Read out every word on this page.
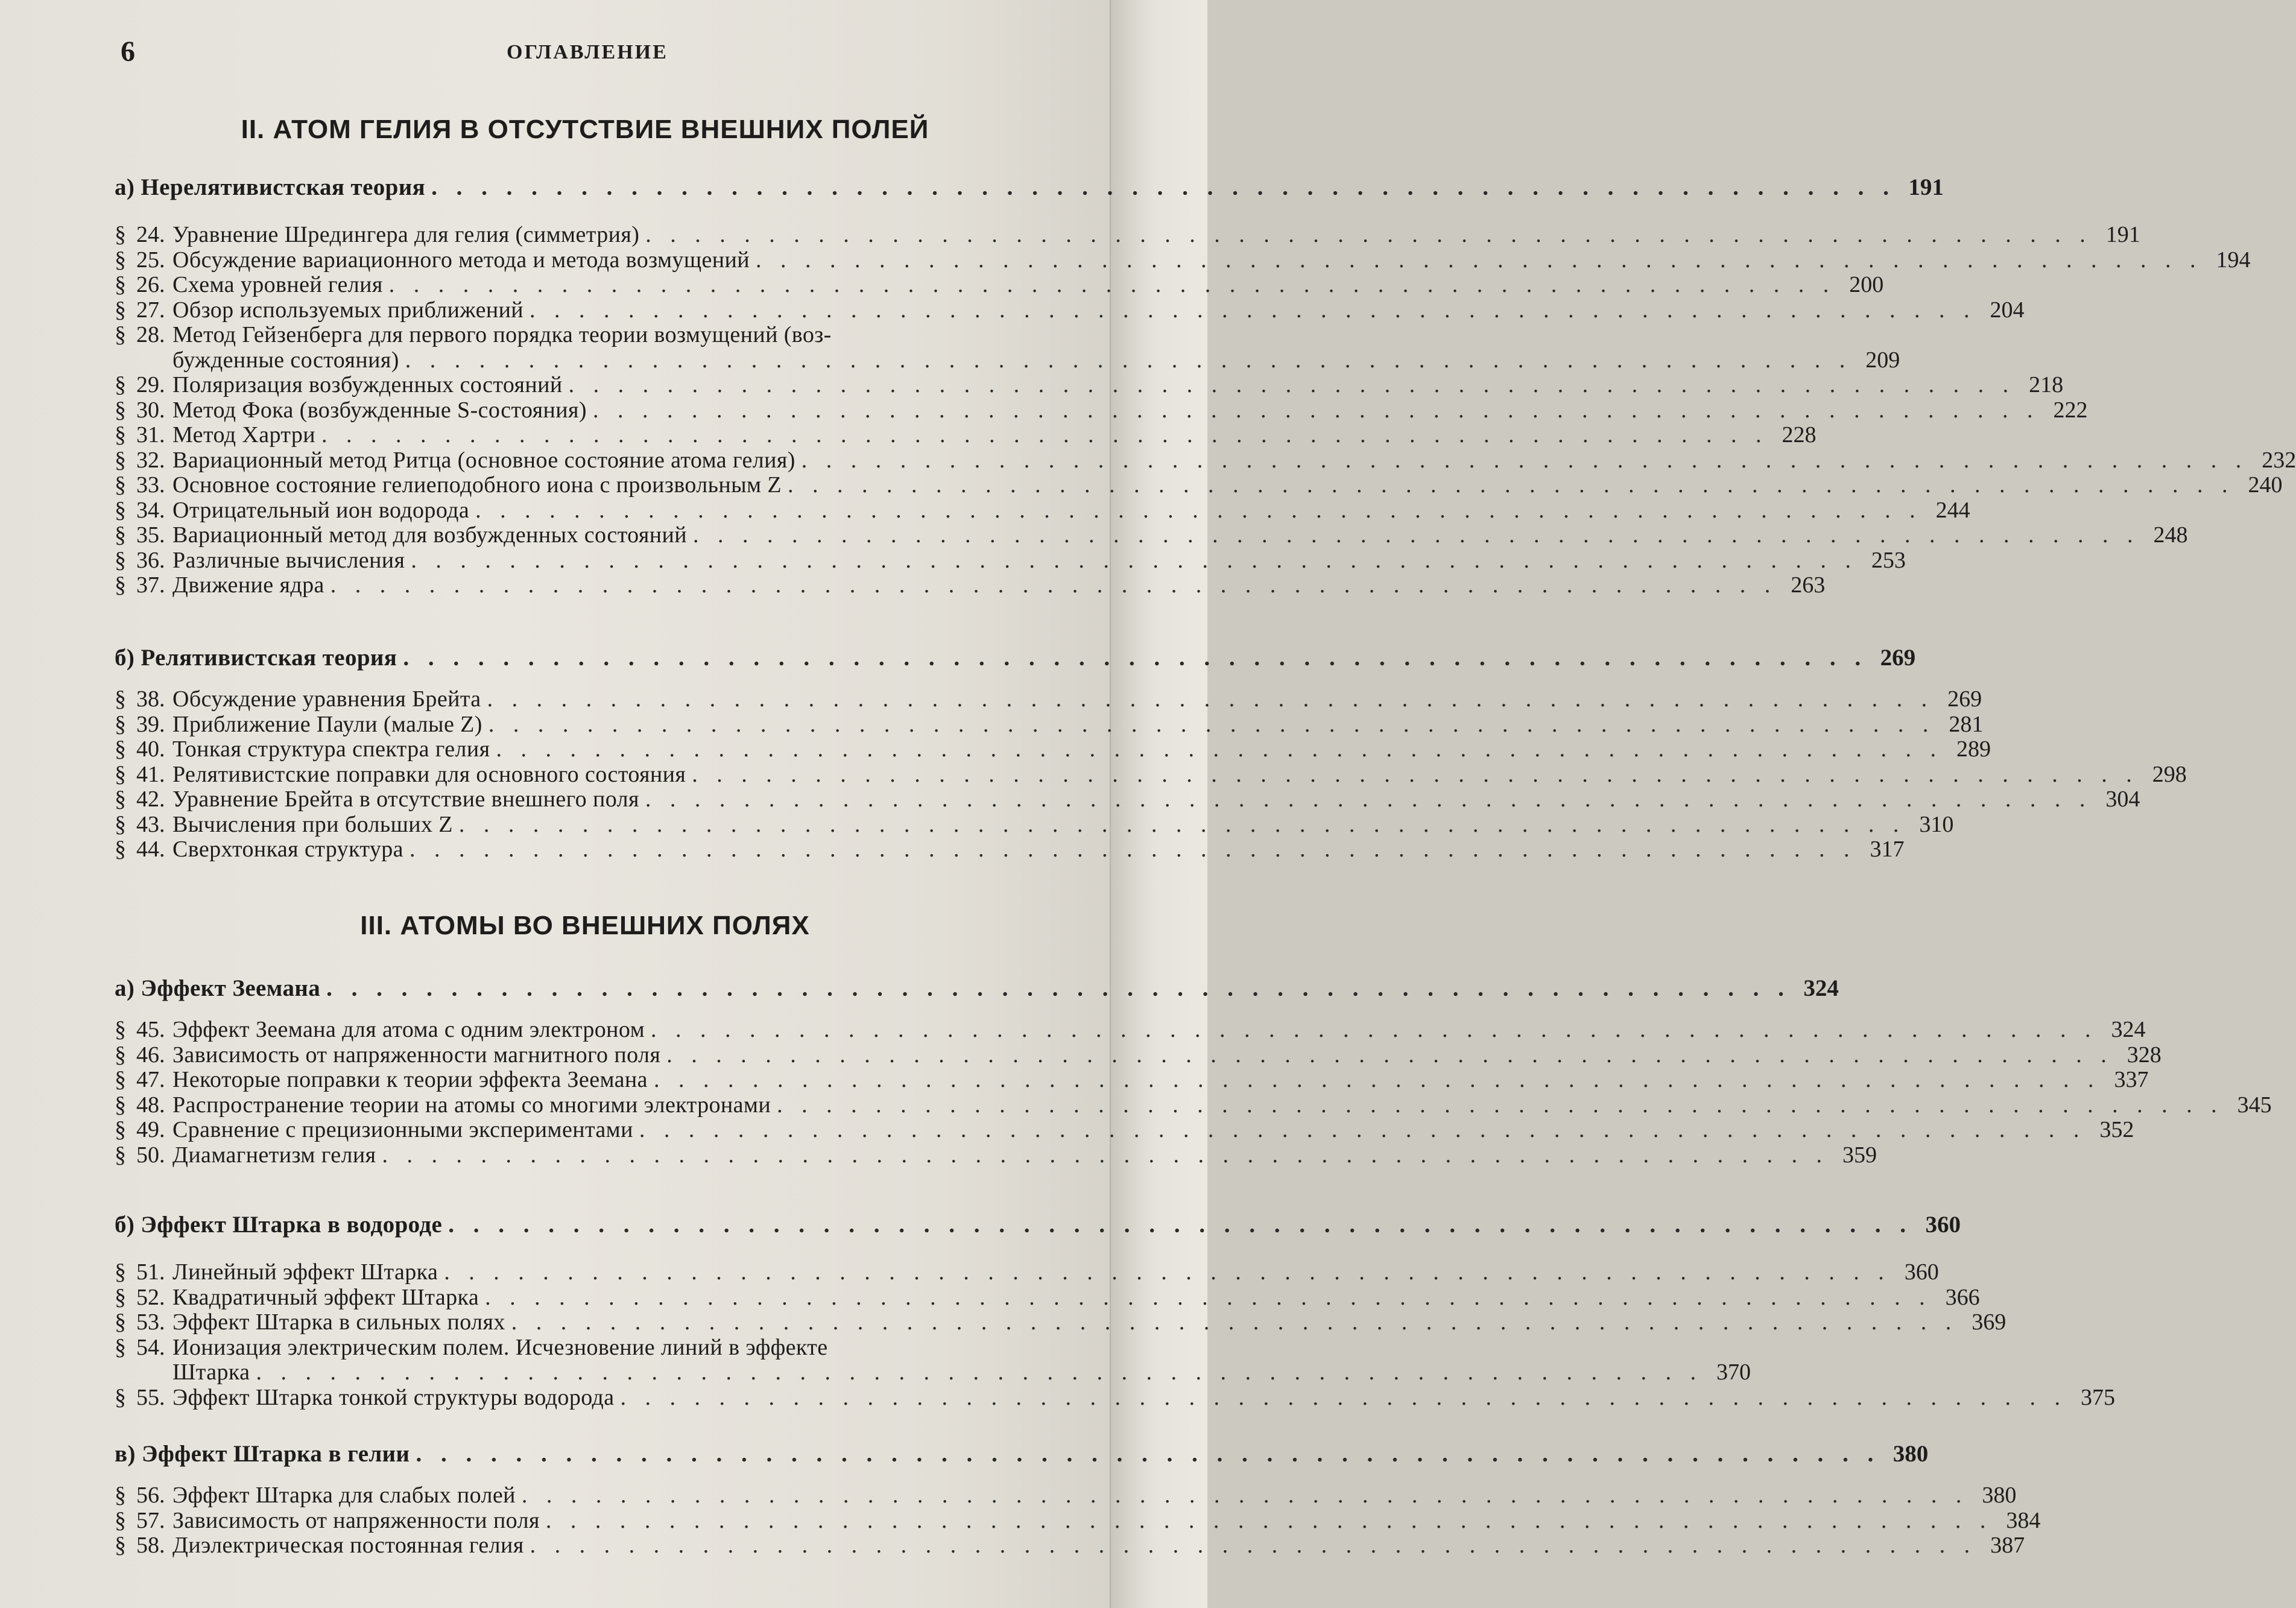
6	ОГЛАВЛЕНИЕ
II. АТОМ ГЕЛИЯ В ОТСУТСТВИЕ ВНЕШНИХ ПОЛЕЙ
а) Нерелятивистская теория . . . . . . . . . . . . . . . . . . . . . . . . . . . . . . . . . . . . . . . . . . . . . . . . . . . . . . . . . . . 191
§ 24. Уравнение Шредингера для гелия (симметрия) . . . . . . . . . . . . . . . . . . . . . . . . . . . . . . . . . . . . . . . . . . . . . . . . . . . . . . . . . . . 191
§ 25. Обсуждение вариационного метода и метода возмущений . . . . . . . . . . . . . . . . . . . . . . . . . . . . . . . . . . . . . . . . . . . . . . . . . . . . . . . . . . . 194
§ 26. Схема уровней гелия . . . . . . . . . . . . . . . . . . . . . . . . . . . . . . . . . . . . . . . . . . . . . . . . . . . . . . . . . . . 200
§ 27. Обзор используемых приближений . . . . . . . . . . . . . . . . . . . . . . . . . . . . . . . . . . . . . . . . . . . . . . . . . . . . . . . . . . . 204
§ 28. Метод Гейзенберга для первого порядка теории возмущений (воз-
бужденные состояния) . . . . . . . . . . . . . . . . . . . . . . . . . . . . . . . . . . . . . . . . . . . . . . . . . . . . . . . . . . . 209
§ 29. Поляризация возбужденных состояний . . . . . . . . . . . . . . . . . . . . . . . . . . . . . . . . . . . . . . . . . . . . . . . . . . . . . . . . . . . 218
§ 30. Метод Фока (возбужденные S-состояния) . . . . . . . . . . . . . . . . . . . . . . . . . . . . . . . . . . . . . . . . . . . . . . . . . . . . . . . . . . . 222
§ 31. Метод Хартри . . . . . . . . . . . . . . . . . . . . . . . . . . . . . . . . . . . . . . . . . . . . . . . . . . . . . . . . . . . 228
§ 32. Вариационный метод Ритца (основное состояние атома гелия) . . . . . . . . . . . . . . . . . . . . . . . . . . . . . . . . . . . . . . . . . . . . . . . . . . . . . . . . . . . 232
§ 33. Основное состояние гелиеподобного иона с произвольным Z . . . . . . . . . . . . . . . . . . . . . . . . . . . . . . . . . . . . . . . . . . . . . . . . . . . . . . . . . . . 240
§ 34. Отрицательный ион водорода . . . . . . . . . . . . . . . . . . . . . . . . . . . . . . . . . . . . . . . . . . . . . . . . . . . . . . . . . . . 244
§ 35. Вариационный метод для возбужденных состояний . . . . . . . . . . . . . . . . . . . . . . . . . . . . . . . . . . . . . . . . . . . . . . . . . . . . . . . . . . . 248
§ 36. Различные вычисления . . . . . . . . . . . . . . . . . . . . . . . . . . . . . . . . . . . . . . . . . . . . . . . . . . . . . . . . . . . 253
§ 37. Движение ядра . . . . . . . . . . . . . . . . . . . . . . . . . . . . . . . . . . . . . . . . . . . . . . . . . . . . . . . . . . . 263
б) Релятивистская теория . . . . . . . . . . . . . . . . . . . . . . . . . . . . . . . . . . . . . . . . . . . . . . . . . . . . . . . . . . . 269
§ 38. Обсуждение уравнения Брейта . . . . . . . . . . . . . . . . . . . . . . . . . . . . . . . . . . . . . . . . . . . . . . . . . . . . . . . . . . . 269
§ 39. Приближение Паули (малые Z) . . . . . . . . . . . . . . . . . . . . . . . . . . . . . . . . . . . . . . . . . . . . . . . . . . . . . . . . . . . 281
§ 40. Тонкая структура спектра гелия . . . . . . . . . . . . . . . . . . . . . . . . . . . . . . . . . . . . . . . . . . . . . . . . . . . . . . . . . . . 289
§ 41. Релятивистские поправки для основного состояния . . . . . . . . . . . . . . . . . . . . . . . . . . . . . . . . . . . . . . . . . . . . . . . . . . . . . . . . . . . 298
§ 42. Уравнение Брейта в отсутствие внешнего поля . . . . . . . . . . . . . . . . . . . . . . . . . . . . . . . . . . . . . . . . . . . . . . . . . . . . . . . . . . . 304
§ 43. Вычисления при больших Z . . . . . . . . . . . . . . . . . . . . . . . . . . . . . . . . . . . . . . . . . . . . . . . . . . . . . . . . . . . 310
§ 44. Сверхтонкая структура . . . . . . . . . . . . . . . . . . . . . . . . . . . . . . . . . . . . . . . . . . . . . . . . . . . . . . . . . . . 317
III. АТОМЫ ВО ВНЕШНИХ ПОЛЯХ
а) Эффект Зеемана . . . . . . . . . . . . . . . . . . . . . . . . . . . . . . . . . . . . . . . . . . . . . . . . . . . . . . . . . . . 324
§ 45. Эффект Зеемана для атома с одним электроном . . . . . . . . . . . . . . . . . . . . . . . . . . . . . . . . . . . . . . . . . . . . . . . . . . . . . . . . . . . 324
§ 46. Зависимость от напряженности магнитного поля . . . . . . . . . . . . . . . . . . . . . . . . . . . . . . . . . . . . . . . . . . . . . . . . . . . . . . . . . . . 328
§ 47. Некоторые поправки к теории эффекта Зеемана . . . . . . . . . . . . . . . . . . . . . . . . . . . . . . . . . . . . . . . . . . . . . . . . . . . . . . . . . . . 337
§ 48. Распространение теории на атомы со многими электронами . . . . . . . . . . . . . . . . . . . . . . . . . . . . . . . . . . . . . . . . . . . . . . . . . . . . . . . . . . . 345
§ 49. Сравнение с прецизионными экспериментами . . . . . . . . . . . . . . . . . . . . . . . . . . . . . . . . . . . . . . . . . . . . . . . . . . . . . . . . . . . 352
§ 50. Диамагнетизм гелия . . . . . . . . . . . . . . . . . . . . . . . . . . . . . . . . . . . . . . . . . . . . . . . . . . . . . . . . . . . 359
б) Эффект Штарка в водороде . . . . . . . . . . . . . . . . . . . . . . . . . . . . . . . . . . . . . . . . . . . . . . . . . . . . . . . . . . . 360
§ 51. Линейный эффект Штарка . . . . . . . . . . . . . . . . . . . . . . . . . . . . . . . . . . . . . . . . . . . . . . . . . . . . . . . . . . . 360
§ 52. Квадратичный эффект Штарка . . . . . . . . . . . . . . . . . . . . . . . . . . . . . . . . . . . . . . . . . . . . . . . . . . . . . . . . . . . 366
§ 53. Эффект Штарка в сильных полях . . . . . . . . . . . . . . . . . . . . . . . . . . . . . . . . . . . . . . . . . . . . . . . . . . . . . . . . . . . 369
§ 54. Ионизация электрическим полем. Исчезновение линий в эффекте
Штарка . . . . . . . . . . . . . . . . . . . . . . . . . . . . . . . . . . . . . . . . . . . . . . . . . . . . . . . . . . . 370
§ 55. Эффект Штарка тонкой структуры водорода . . . . . . . . . . . . . . . . . . . . . . . . . . . . . . . . . . . . . . . . . . . . . . . . . . . . . . . . . . . 375
в) Эффект Штарка в гелии . . . . . . . . . . . . . . . . . . . . . . . . . . . . . . . . . . . . . . . . . . . . . . . . . . . . . . . . . . . 380
§ 56. Эффект Штарка для слабых полей . . . . . . . . . . . . . . . . . . . . . . . . . . . . . . . . . . . . . . . . . . . . . . . . . . . . . . . . . . . 380
§ 57. Зависимость от напряженности поля . . . . . . . . . . . . . . . . . . . . . . . . . . . . . . . . . . . . . . . . . . . . . . . . . . . . . . . . . . . 384
§ 58. Диэлектрическая постоянная гелия . . . . . . . . . . . . . . . . . . . . . . . . . . . . . . . . . . . . . . . . . . . . . . . . . . . . . . . . . . . 387
